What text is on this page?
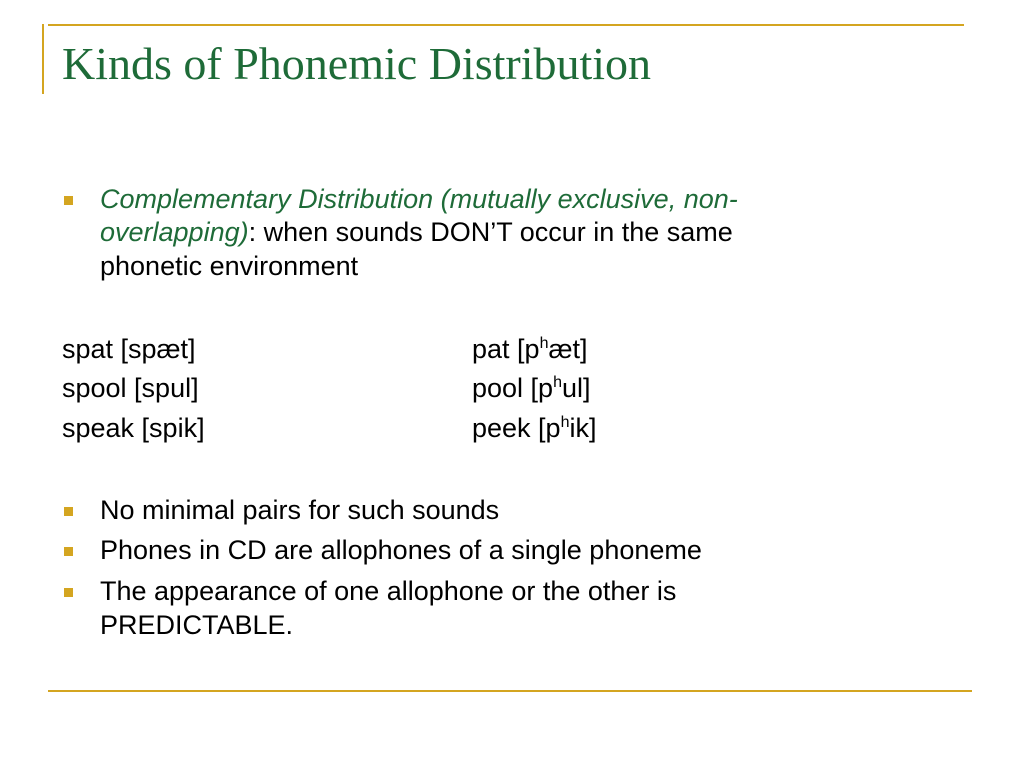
Kinds of Phonemic Distribution
Complementary Distribution (mutually exclusive, non-
overlapping): when sounds DON’T occur in the same
phonetic environment
spat [spæt]	pat $[p^hæt]$
spool [spul]	pool $[p^hul]$
speak [spik]	peek $[p^hik]$
No minimal pairs for such sounds
Phones in CD are allophones of a single phoneme
The appearance of one allophone or the other is
PREDICTABLE.
